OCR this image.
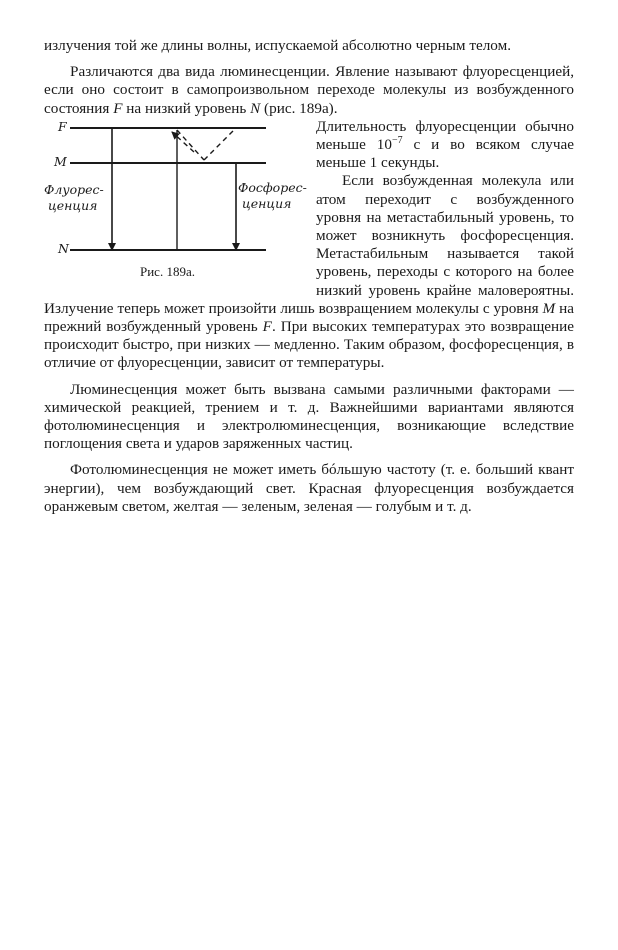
излучения той же длины волны, испускаемой абсолютно черным телом.

Различаются два вида люминесценции. Явление называют флуоресценцией, если оно состоит в самопроизвольном переходе молекулы из возбужденного состояния F на низкий уровень N (рис. 189а).

F
M
N
Флуорес-
ценция
Фосфорес-
ценция
Рис. 189а.

Длительность флуоресценции обычно меньше $10^{-7}$ с и во всяком случае меньше 1 секунды.

Если возбужденная молекула или атом переходит с возбужденного уровня на метастабильный уровень, то может возникнуть фосфоресценция. Метастабильным называется такой уровень, переходы с которого на более низкий уровень крайне маловероятны. Излучение теперь может произойти лишь возвращением молекулы с уровня M на прежний возбужденный уровень F. При высоких температурах это возвращение происходит быстро, при низких — медленно. Таким образом, фосфоресценция, в отличие от флуоресценции, зависит от температуры.

Люминесценция может быть вызвана самыми различными факторами — химической реакцией, трением и т. д. Важнейшими вариантами являются фотолюминесценция и электролюминесценция, возникающие вследствие поглощения света и ударов заряженных частиц.

Фотолюминесценция не может иметь бóльшую частоту (т. е. больший квант энергии), чем возбуждающий свет. Красная флуоресценция возбуждается оранжевым светом, желтая — зеленым, зеленая — голубым и т. д.
